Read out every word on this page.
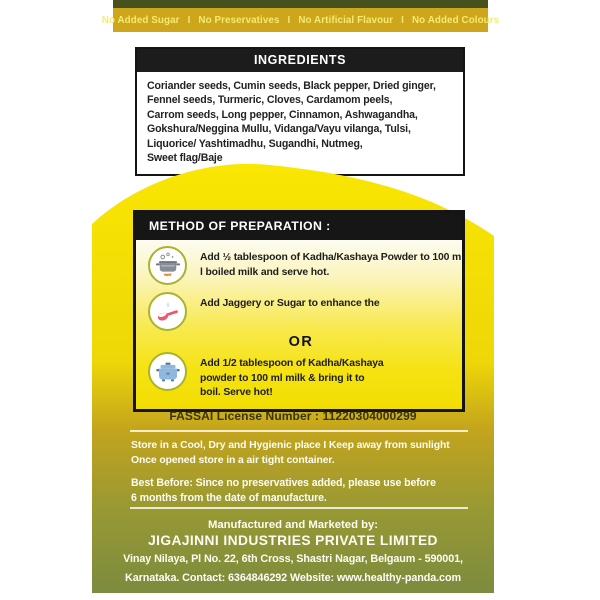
No Added Sugar I No Preservatives I No Artificial Flavour I No Added Colours
INGREDIENTS
Coriander seeds, Cumin seeds, Black pepper, Dried ginger,
Fennel seeds, Turmeric, Cloves, Cardamom peels,
Carrom seeds, Long pepper, Cinnamon, Ashwagandha,
Gokshura/Neggina Mullu, Vidanga/Vayu vilanga, Tulsi,
Liquorice/ Yashtimadhu, Sugandhi, Nutmeg,
Sweet flag/Baje
METHOD OF PREPARATION :
Add ½ tablespoon of Kadha/Kashaya Powder to 100 m
l boiled milk and serve hot.
Add Jaggery or Sugar to enhance the
OR
Add 1/2 tablespoon of Kadha/Kashaya
powder to 100 ml milk & bring it to
boil. Serve hot!
FASSAI License Number : 11220304000299
Store in a Cool, Dry and Hygienic place I Keep away from sunlight
Once opened store in a air tight container.
Best Before: Since no preservatives added, please use before
6 months from the date of manufacture.
Manufactured and Marketed by:
JIGAJINNI INDUSTRIES PRIVATE LIMITED
Vinay Nilaya, Pl No. 22, 6th Cross, Shastri Nagar, Belgaum - 590001,
Karnataka. Contact: 6364846292 Website: www.healthy-panda.com
